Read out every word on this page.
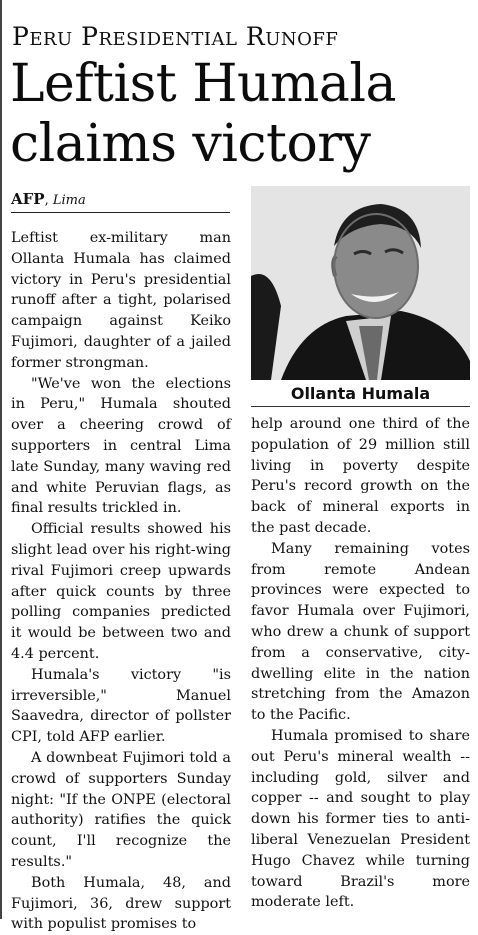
Peru Presidential Runoff
Leftist Humala claims victory
AFP, Lima

Leftist ex-military man Ollanta Humala has claimed victory in Peru's presidential runoff after a tight, polarised campaign against Keiko Fujimori, daughter of a jailed former strongman.

"We've won the elections in Peru," Humala shouted over a cheering crowd of supporters in central Lima late Sunday, many waving red and white Peruvian flags, as final results trickled in.

Official results showed his slight lead over his right-wing rival Fujimori creep upwards after quick counts by three polling companies predicted it would be between two and 4.4 percent.

Humala's victory "is irreversible," Manuel Saavedra, director of pollster CPI, told AFP earlier.

A downbeat Fujimori told a crowd of supporters Sunday night: "If the ONPE (electoral authority) ratifies the quick count, I'll recognize the results."

Both Humala, 48, and Fujimori, 36, drew support with populist promises to

Ollanta Humala

help around one third of the population of 29 million still living in poverty despite Peru's record growth on the back of mineral exports in the past decade.

Many remaining votes from remote Andean provinces were expected to favor Humala over Fujimori, who drew a chunk of support from a conservative, city-dwelling elite in the nation stretching from the Amazon to the Pacific.

Humala promised to share out Peru's mineral wealth -- including gold, silver and copper -- and sought to play down his former ties to anti-liberal Venezuelan President Hugo Chavez while turning toward Brazil's more moderate left.
